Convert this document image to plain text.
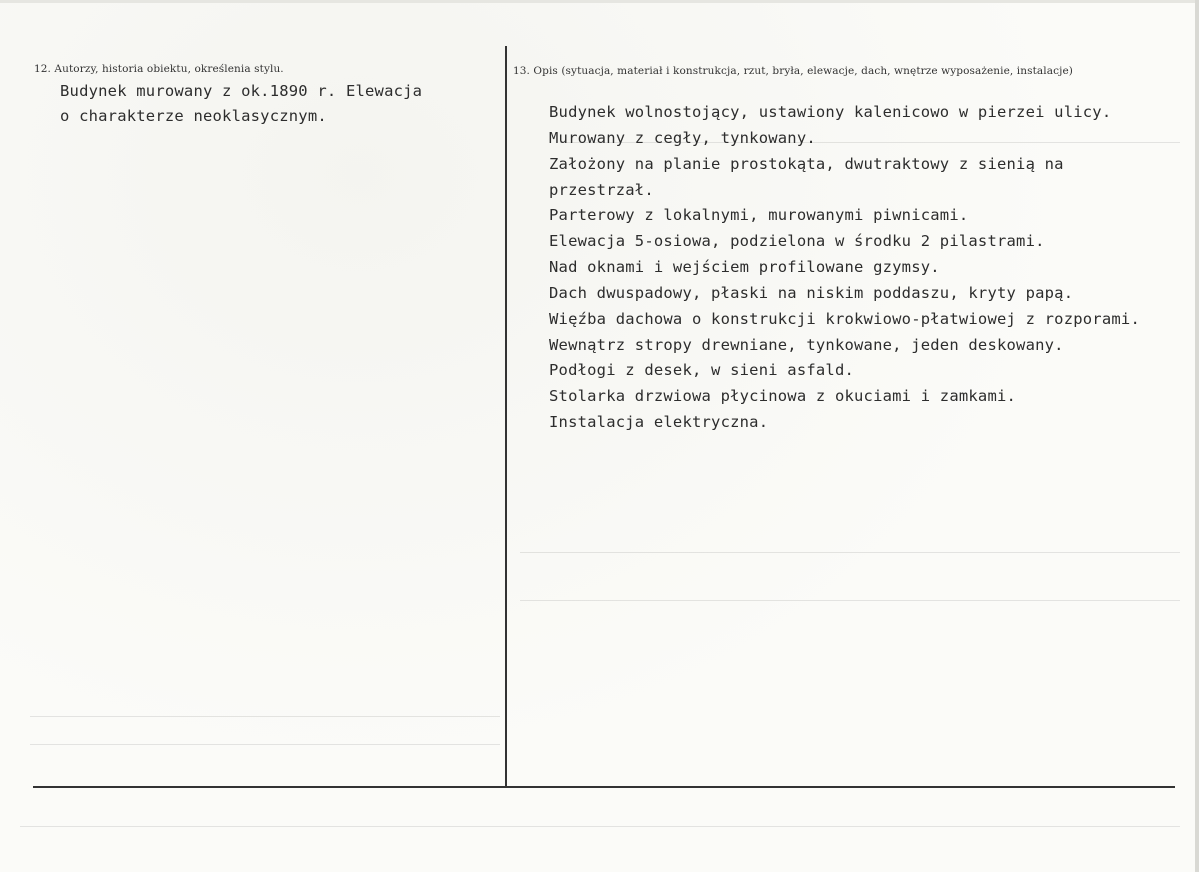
12. Autorzy, historia obiektu, określenia stylu.
Budynek murowany z ok.1890 r. Elewacja
o charakterze neoklasycznym.
13. Opis (sytuacja, materiał i konstrukcja, rzut, bryła, elewacje, dach, wnętrze wyposażenie, instalacje)
Budynek wolnostojący, ustawiony kalenicowo w pierzei ulicy.
Murowany z cegły, tynkowany.
Założony na planie prostokąta, dwutraktowy z sienią na
przestrzał.
Parterowy z lokalnymi, murowanymi piwnicami.
Elewacja 5-osiowa, podzielona w środku 2 pilastrami.
Nad oknami i wejściem profilowane gzymsy.
Dach dwuspadowy, płaski na niskim poddaszu, kryty papą.
Więźba dachowa o konstrukcji krokwiowo-płatwiowej z rozporami.
Wewnątrz stropy drewniane, tynkowane, jeden deskowany.
Podłogi z desek, w sieni asfald.
Stolarka drzwiowa płycinowa z okuciami i zamkami.
Instalacja elektryczna.
